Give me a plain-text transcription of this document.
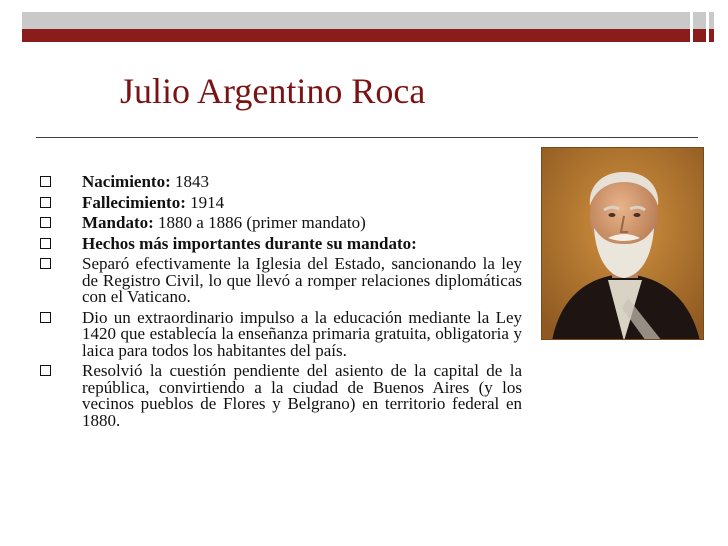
Julio Argentino Roca
Nacimiento: 1843
Fallecimiento: 1914
Mandato: 1880 a 1886 (primer mandato)
Hechos más importantes durante su mandato:
Separó efectivamente la Iglesia del Estado, sancionando la ley de Registro Civil, lo que llevó a romper relaciones diplomáticas con el Vaticano.
Dio un extraordinario impulso a la educación mediante la Ley 1420 que establecía la enseñanza primaria gratuita, obligatoria y laica para todos los habitantes del país.
Resolvió la cuestión pendiente del asiento de la capital de la república, convirtiendo a la ciudad de Buenos Aires (y los vecinos pueblos de Flores y Belgrano) en territorio federal en 1880.
